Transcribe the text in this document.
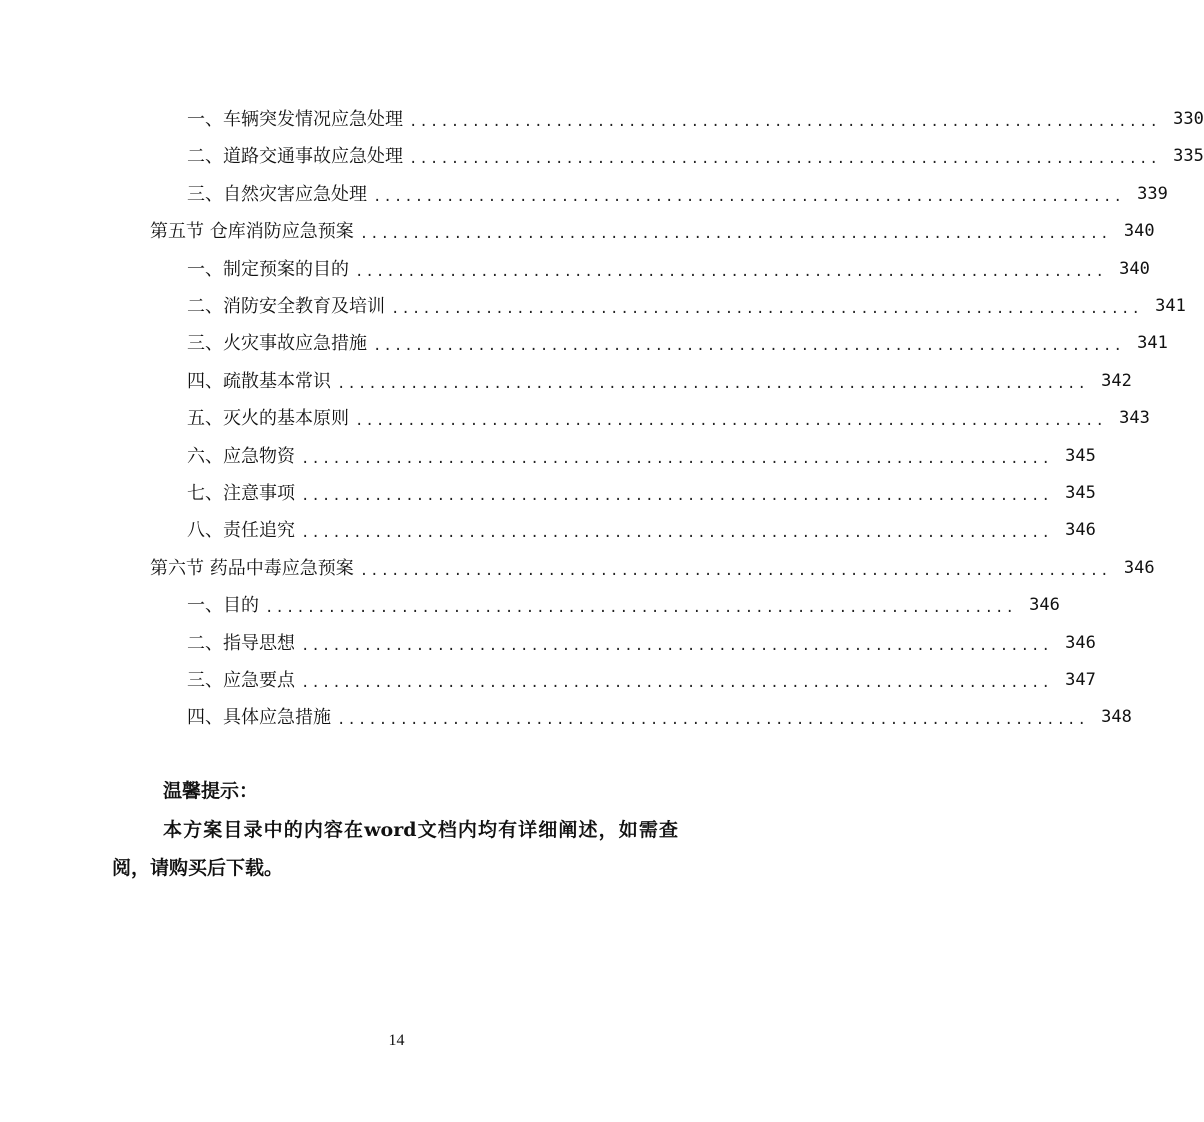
一、车辆突发情况应急处理 ........................................................................ 330
二、道路交通事故应急处理 ........................................................................ 335
三、自然灾害应急处理 ........................................................................ 339
第五节 仓库消防应急预案 ........................................................................ 340
一、制定预案的目的 ........................................................................ 340
二、消防安全教育及培训 ........................................................................ 341
三、火灾事故应急措施 ........................................................................ 341
四、疏散基本常识 ........................................................................ 342
五、灭火的基本原则 ........................................................................ 343
六、应急物资 ........................................................................ 345
七、注意事项 ........................................................................ 345
八、责任追究 ........................................................................ 346
第六节 药品中毒应急预案 ........................................................................ 346
一、目的 ........................................................................ 346
二、指导思想 ........................................................................ 346
三、应急要点 ........................................................................ 347
四、具体应急措施 ........................................................................ 348
温馨提示：
本方案目录中的内容在word文档内均有详细阐述，如需查阅，请购买后下载。
14
